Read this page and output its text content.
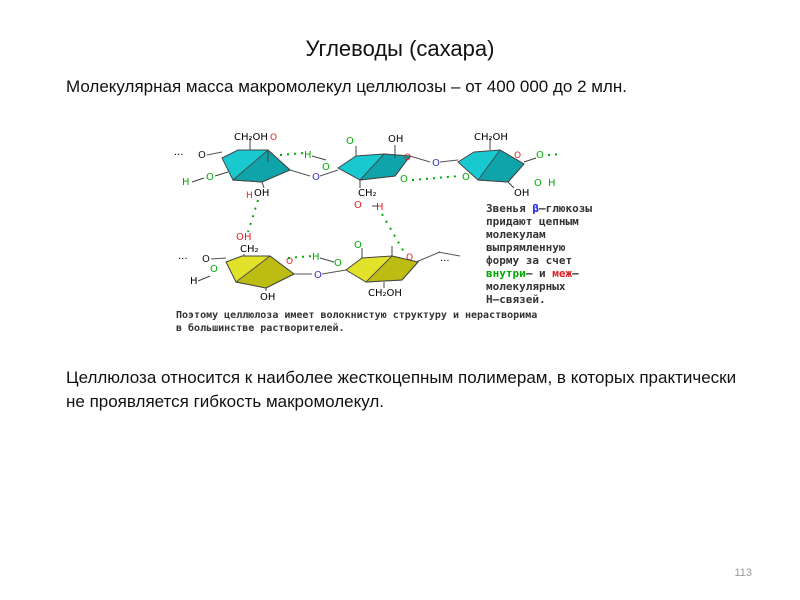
Углеводы (сахара)
Молекулярная масса макромолекул целлюлозы – от 400 000 до 2 млн.
··· O
CH₂OH O
O
H
OH
H
H
O
O
O	OH
O
CH₂
O
O
CH₂OH
O
O
OH
O
O H
O H
CH₂
O H
··· O
O
H
OH
O H
O
O
O
O
CH₂OH
···
Звенья β–глюкозы
придают цепным
молекулам
выпрямленную
форму за счет
внутри– и меж–
молекулярных
Н–связей.
Поэтому целлюлоза имеет волокнистую структуру и нерастворима
в большинстве растворителей.
Целлюлоза относится к наиболее жесткоцепным полимерам, в которых практически не проявляется гибкость макромолекул.
113
